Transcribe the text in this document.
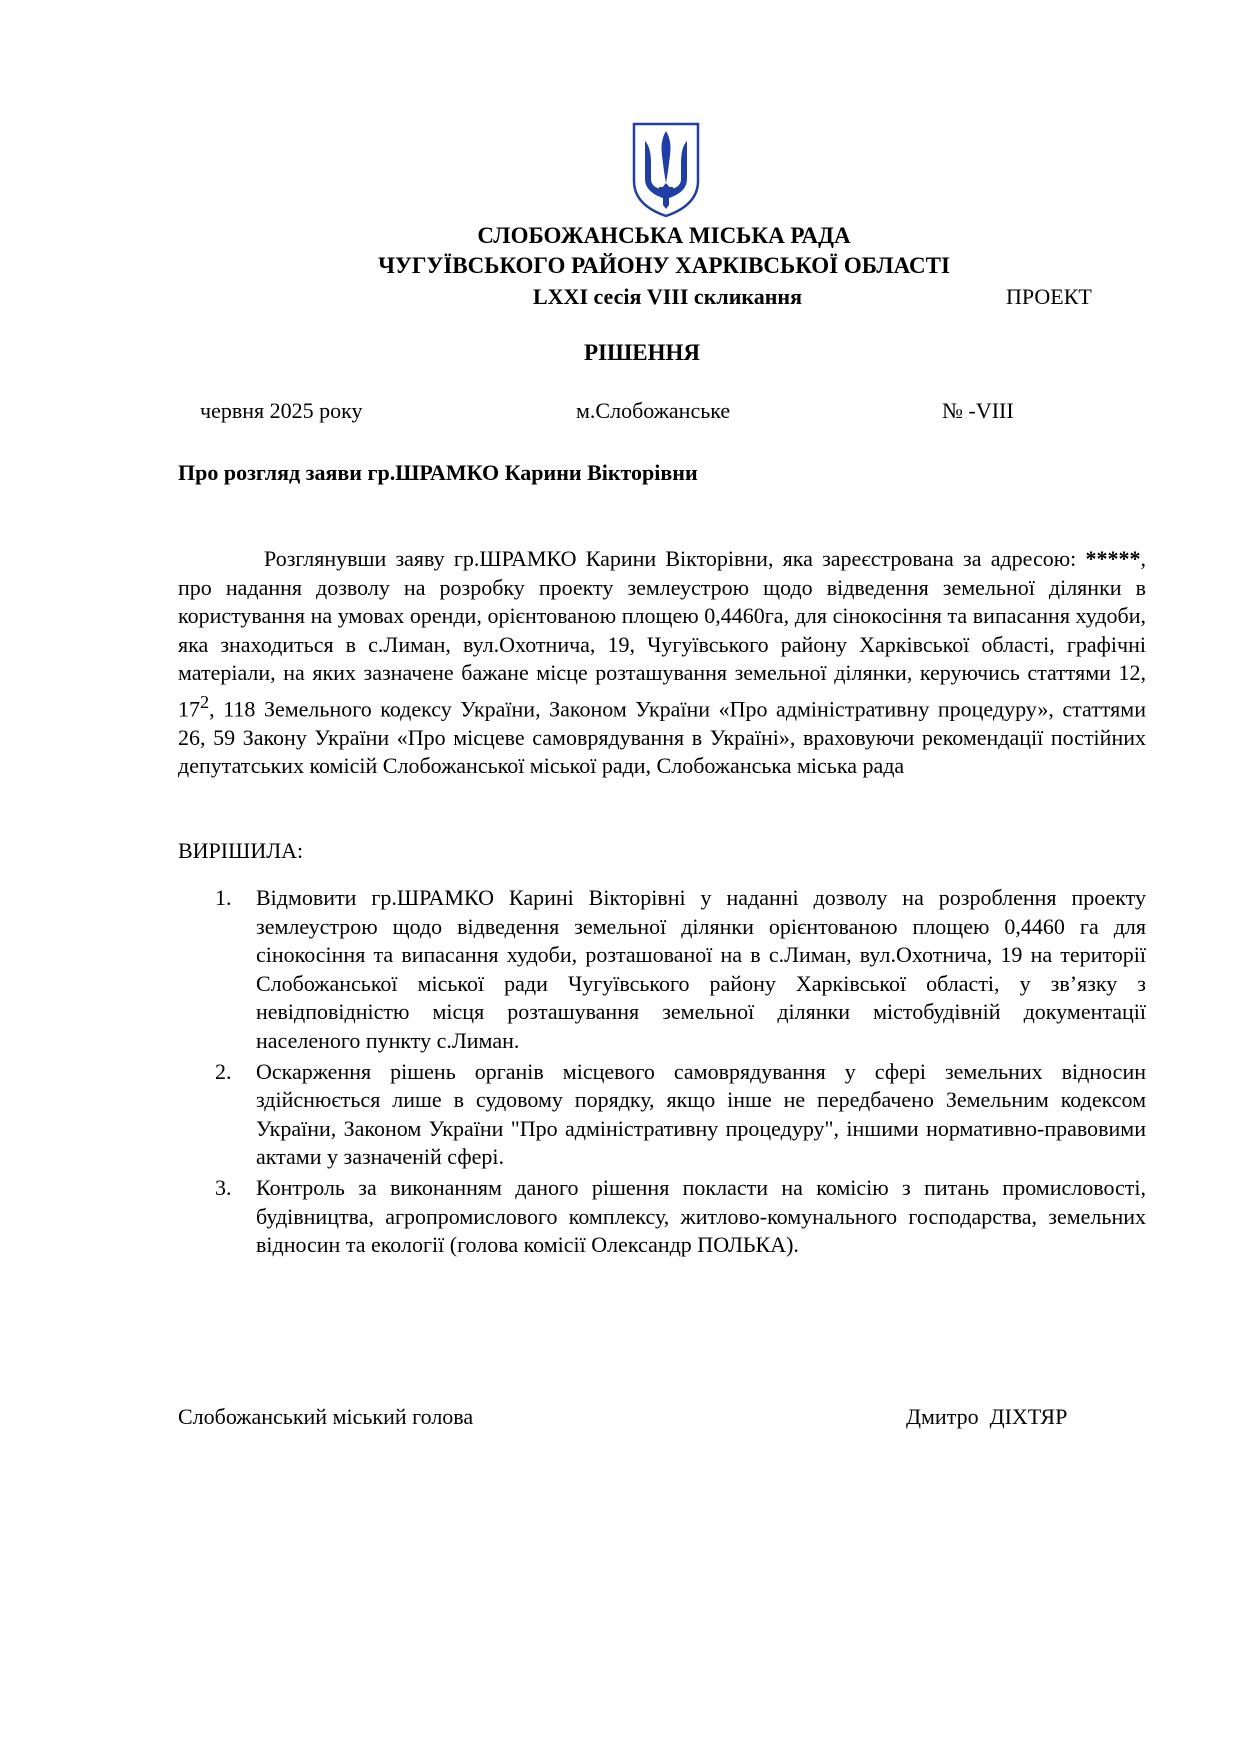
СЛОБОЖАНСЬКА МІСЬКА РАДА
ЧУГУЇВСЬКОГО РАЙОНУ ХАРКІВСЬКОЇ ОБЛАСТІ
LXXI сесія VIII скликання	ПРОЕКТ
РІШЕННЯ
червня 2025 року	м.Слобожанське	№ -VIII
Про розгляд заяви гр.ШРАМКО Карини Вікторівни

Розглянувши заяву гр.ШРАМКО Карини Вікторівни, яка зареєстрована за адресою: *****, про надання дозволу на розробку проекту землеустрою щодо відведення земельної ділянки в користування на умовах оренди, орієнтованою площею 0,4460га, для сінокосіння та випасання худоби, яка знаходиться в с.Лиман, вул.Охотнича, 19, Чугуївського району Харківської області, графічні матеріали, на яких зазначене бажане місце розташування земельної ділянки, керуючись статтями 12, $17^2$, 118 Земельного кодексу України, Законом України «Про адміністративну процедуру», статтями 26, 59 Закону України «Про місцеве самоврядування в Україні», враховуючи рекомендації постійних депутатських комісій Слобожанської міської ради, Слобожанська міська рада

ВИРІШИЛА:
1. Відмовити гр.ШРАМКО Карині Вікторівні у наданні дозволу на розроблення проекту землеустрою щодо відведення земельної ділянки орієнтованою площею 0,4460 га для сінокосіння та випасання худоби, розташованої на в с.Лиман, вул.Охотнича, 19 на території Слобожанської міської ради Чугуївського району Харківської області, у зв’язку з невідповідністю місця розташування земельної ділянки містобудівній документації населеного пункту с.Лиман.
2. Оскарження рішень органів місцевого самоврядування у сфері земельних відносин здійснюється лише в судовому порядку, якщо інше не передбачено Земельним кодексом України, Законом України "Про адміністративну процедуру", іншими нормативно-правовими актами у зазначеній сфері.
3. Контроль за виконанням даного рішення покласти на комісію з питань промисловості, будівництва, агропромислового комплексу, житлово-комунального господарства, земельних відносин та екології (голова комісії Олександр ПОЛЬКА).
Слобожанський міський голова	Дмитро  ДІХТЯР
